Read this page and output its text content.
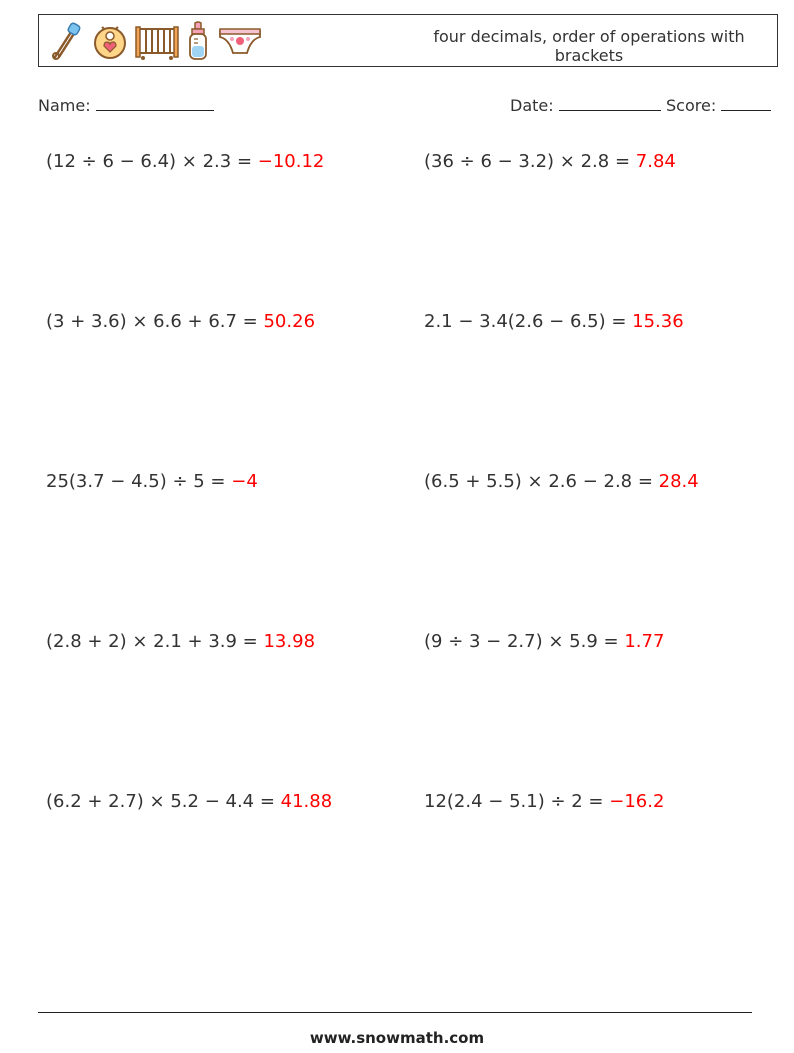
four decimals, order of operations with brackets
Name:	Date:	Score:
(12 ÷ 6 − 6.4) × 2.3 = −10.12	(36 ÷ 6 − 3.2) × 2.8 = 7.84
(3 + 3.6) × 6.6 + 6.7 = 50.26	2.1 − 3.4(2.6 − 6.5) = 15.36
25(3.7 − 4.5) ÷ 5 = −4	(6.5 + 5.5) × 2.6 − 2.8 = 28.4
(2.8 + 2) × 2.1 + 3.9 = 13.98	(9 ÷ 3 − 2.7) × 5.9 = 1.77
(6.2 + 2.7) × 5.2 − 4.4 = 41.88	12(2.4 − 5.1) ÷ 2 = −16.2
www.snowmath.com
